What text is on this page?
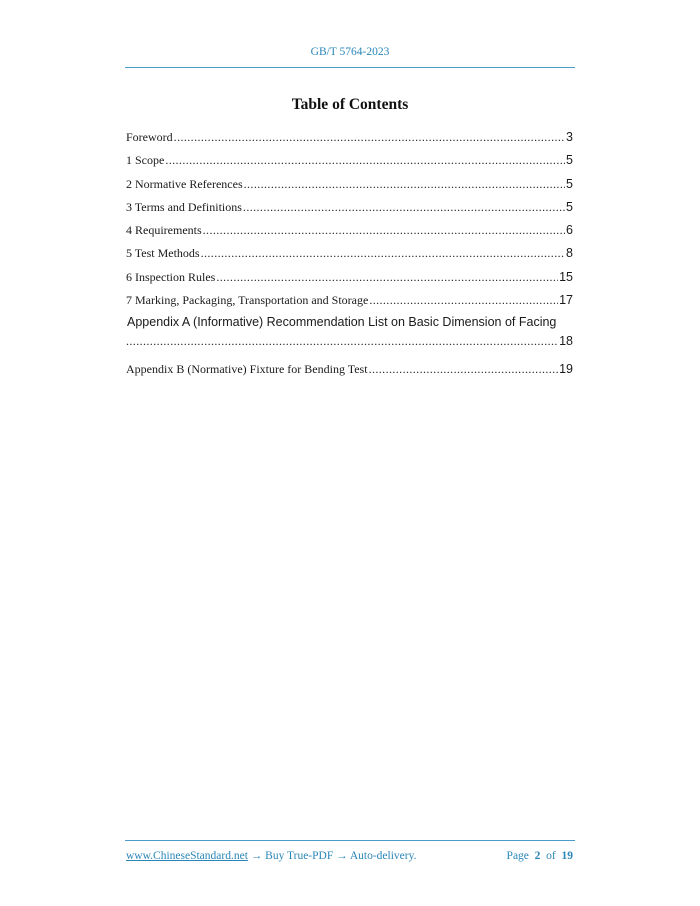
GB/T 5764-2023
Table of Contents
Foreword .....	3
1 Scope .....	5
2 Normative References .....	5
3 Terms and Definitions .....	5
4 Requirements .....	6
5 Test Methods .....	8
6 Inspection Rules .....	15
7 Marking, Packaging, Transportation and Storage .....	17
Appendix A (Informative) Recommendation List on Basic Dimension of Facing
.....
18
Appendix B (Normative) Fixture for Bending Test .....	19
www.ChineseStandard.net → Buy True-PDF → Auto-delivery.	Page 2 of 19
